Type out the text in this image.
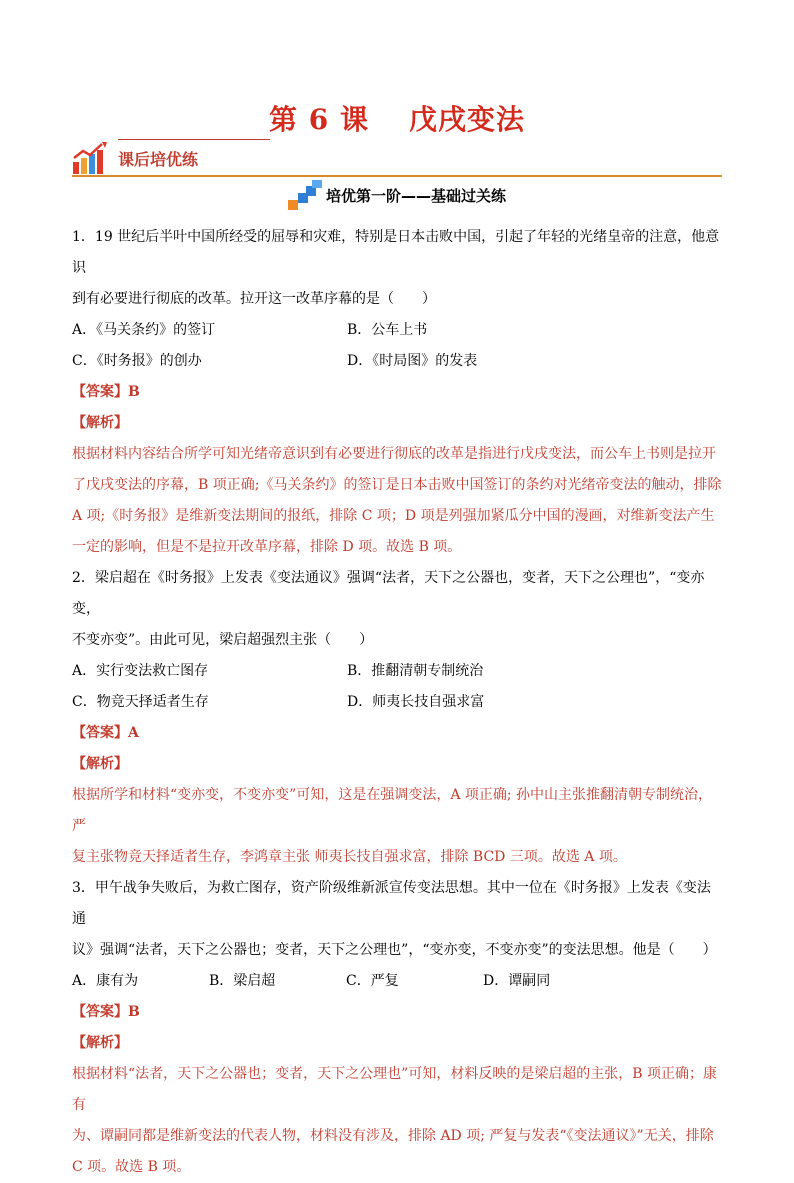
第 6 课 戊戌变法
课后培优练
培优第一阶——基础过关练

1．19 世纪后半叶中国所经受的屈辱和灾难，特别是日本击败中国，引起了年轻的光绪皇帝的注意，他意识

到有必要进行彻底的改革。拉开这一改革序幕的是（　　）

A．《马关条约》的签订	B．公车上书
C．《时务报》的创办	D．《时局图》的发表

【答案】B

【解析】

根据材料内容结合所学可知光绪帝意识到有必要进行彻底的改革是指进行戊戌变法，而公车上书则是拉开

了戊戌变法的序幕，B 项正确;《马关条约》的签订是日本击败中国签订的条约对光绪帝变法的触动，排除

A 项;《时务报》是维新变法期间的报纸，排除 C 项；D 项是列强加紧瓜分中国的漫画，对维新变法产生

一定的影响，但是不是拉开改革序幕，排除 D 项。故选 B 项。

2．梁启超在《时务报》上发表《变法通议》强调“法者，天下之公器也，变者，天下之公理也”，“变亦变，

不变亦变”。由此可见，梁启超强烈主张（　　）

A．实行变法救亡图存	B．推翻清朝专制统治
C．物竞天择适者生存	D．师夷长技自强求富

【答案】A

【解析】

根据所学和材料“变亦变，不变亦变”可知，这是在强调变法，A 项正确; 孙中山主张推翻清朝专制统治，严

复主张物竞天择适者生存，李鸿章主张 师夷长技自强求富，排除 BCD 三项。故选 A 项。

3．甲午战争失败后，为救亡图存，资产阶级维新派宣传变法思想。其中一位在《时务报》上发表《变法通

议》强调“法者，天下之公器也；变者，天下之公理也”，“变亦变，不变亦变”的变法思想。他是（　　）

A．康有为	B．梁启超	C．严复	D．谭嗣同

【答案】B

【解析】

根据材料“法者，天下之公器也；变者，天下之公理也”可知，材料反映的是梁启超的主张，B 项正确；康有

为、谭嗣同都是维新变法的代表人物，材料没有涉及，排除 AD 项; 严复与发表“《变法通议》”无关，排除

C 项。故选 B 项。
